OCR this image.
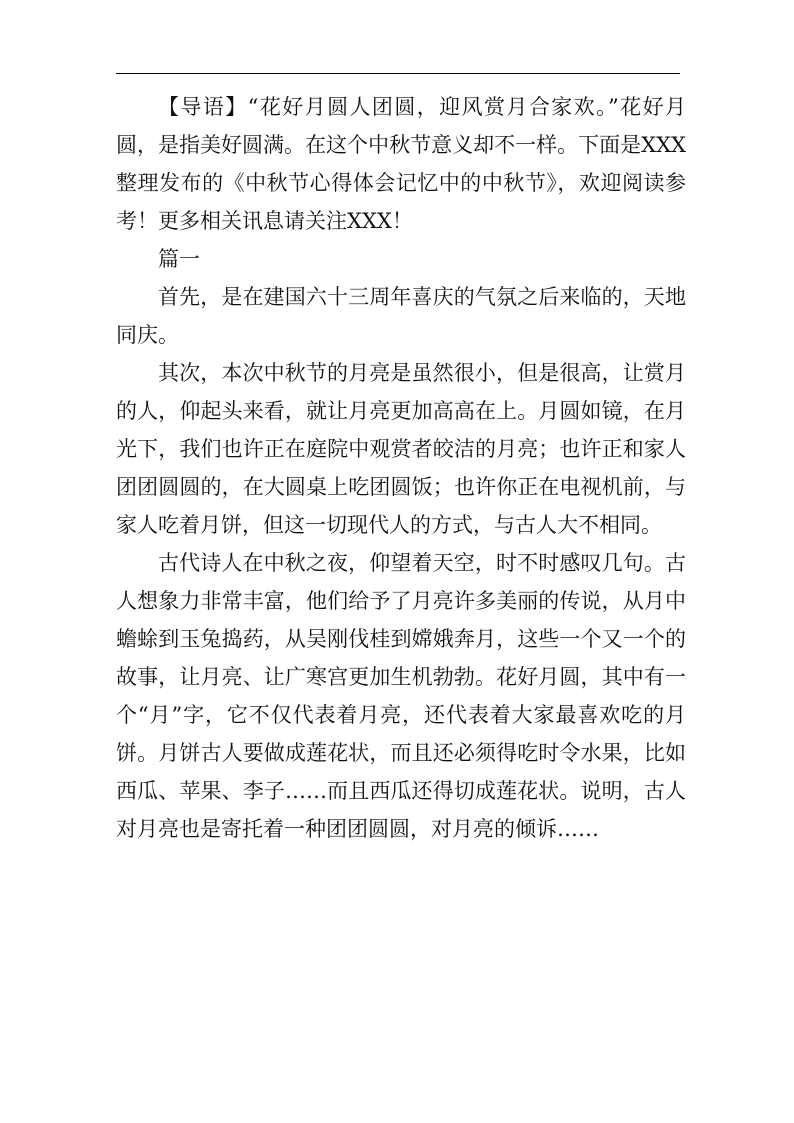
【导语】“花好月圆人团圆，迎风赏月合家欢。”花好月圆，是指美好圆满。在这个中秋节意义却不一样。下面是XXX整理发布的《中秋节心得体会记忆中的中秋节》，欢迎阅读参考！更多相关讯息请关注XXX！

篇一

首先，是在建国六十三周年喜庆的气氛之后来临的，天地同庆。

其次，本次中秋节的月亮是虽然很小，但是很高，让赏月的人，仰起头来看，就让月亮更加高高在上。月圆如镜，在月光下，我们也许正在庭院中观赏者皎洁的月亮；也许正和家人团团圆圆的，在大圆桌上吃团圆饭；也许你正在电视机前，与家人吃着月饼，但这一切现代人的方式，与古人大不相同。

古代诗人在中秋之夜，仰望着天空，时不时感叹几句。古人想象力非常丰富，他们给予了月亮许多美丽的传说，从月中蟾蜍到玉兔捣药，从吴刚伐桂到嫦娥奔月，这些一个又一个的故事，让月亮、让广寒宫更加生机勃勃。花好月圆，其中有一个“月”字，它不仅代表着月亮，还代表着大家最喜欢吃的月饼。月饼古人要做成莲花状，而且还必须得吃时令水果，比如西瓜、苹果、李子……而且西瓜还得切成莲花状。说明，古人对月亮也是寄托着一种团团圆圆，对月亮的倾诉……
